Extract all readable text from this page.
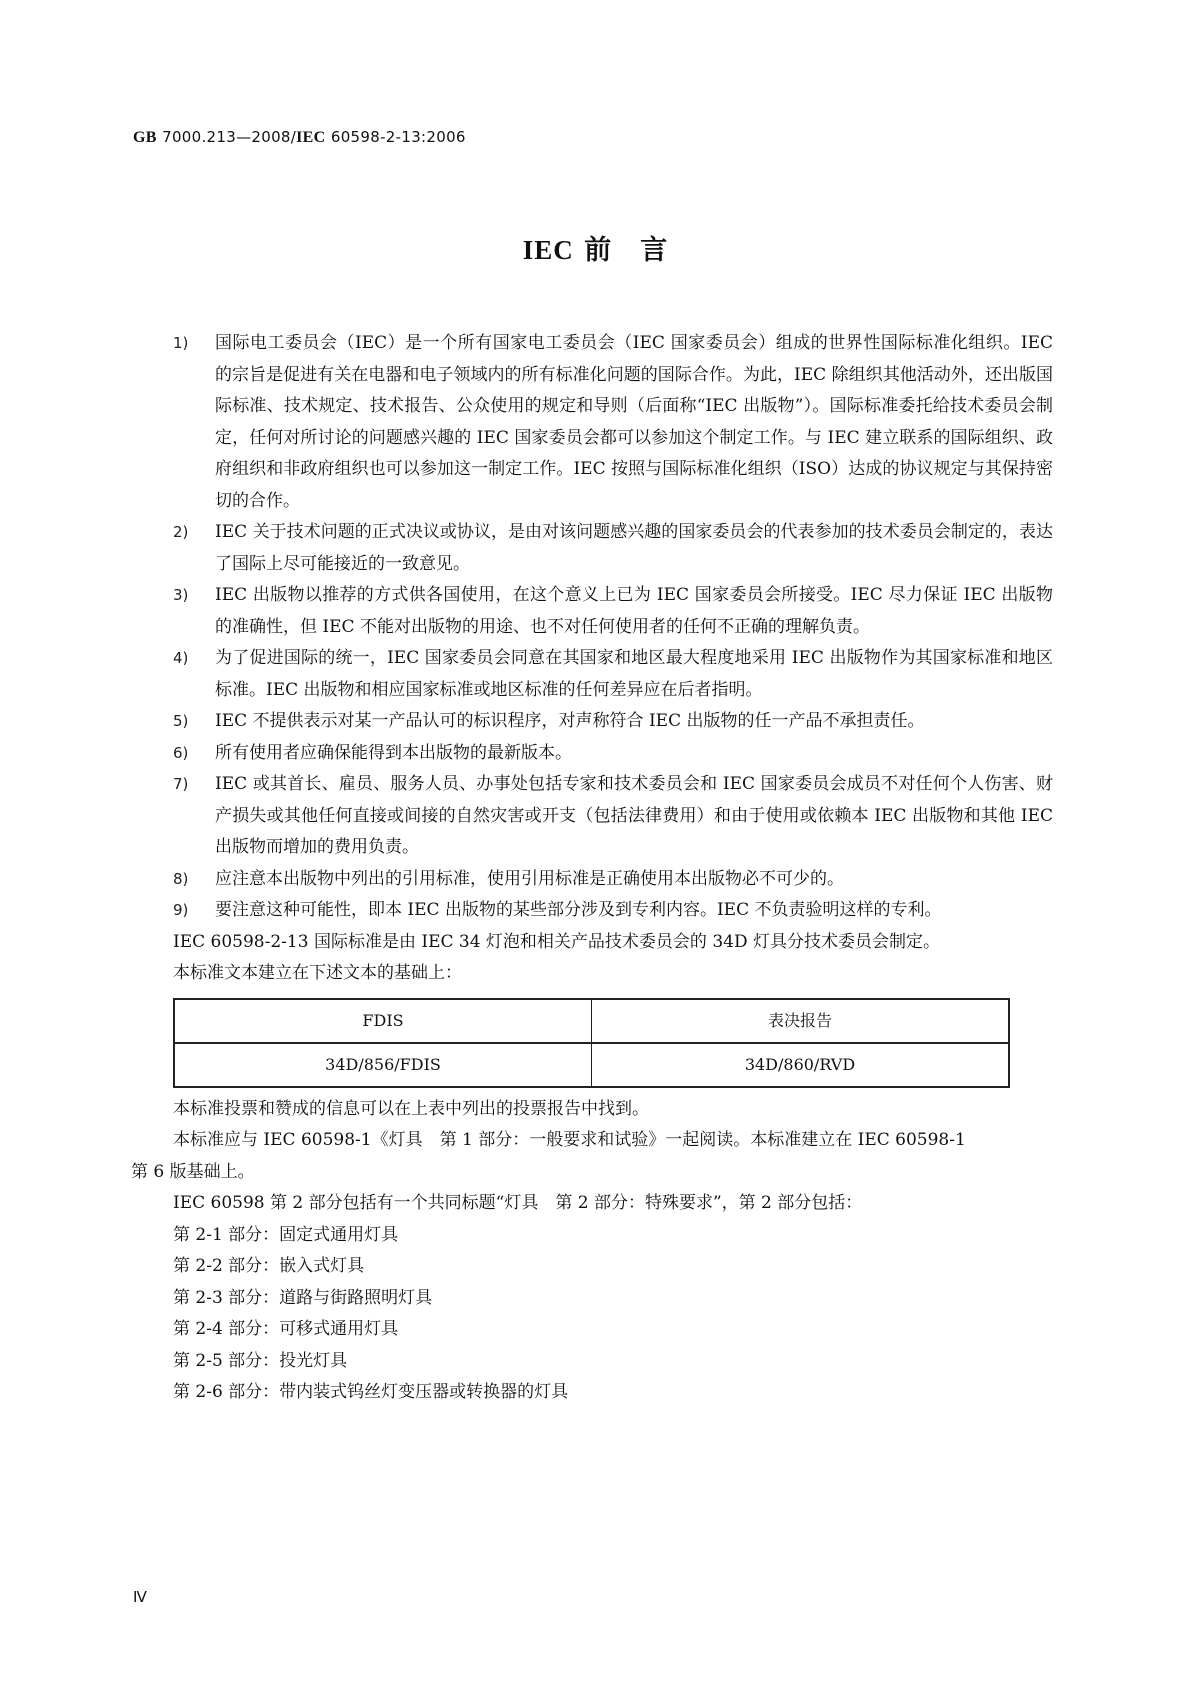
GB 7000.213—2008/IEC 60598-2-13:2006
IEC 前　言
1)	国际电工委员会（IEC）是一个所有国家电工委员会（IEC 国家委员会）组成的世界性国际标准化组织。IEC 的宗旨是促进有关在电器和电子领域内的所有标准化问题的国际合作。为此，IEC 除组织其他活动外，还出版国际标准、技术规定、技术报告、公众使用的规定和导则（后面称“IEC 出版物”）。国际标准委托给技术委员会制定，任何对所讨论的问题感兴趣的 IEC 国家委员会都可以参加这个制定工作。与 IEC 建立联系的国际组织、政府组织和非政府组织也可以参加这一制定工作。IEC 按照与国际标准化组织（ISO）达成的协议规定与其保持密切的合作。
2)	IEC 关于技术问题的正式决议或协议，是由对该问题感兴趣的国家委员会的代表参加的技术委员会制定的，表达了国际上尽可能接近的一致意见。
3)	IEC 出版物以推荐的方式供各国使用，在这个意义上已为 IEC 国家委员会所接受。IEC 尽力保证 IEC 出版物的准确性，但 IEC 不能对出版物的用途、也不对任何使用者的任何不正确的理解负责。
4)	为了促进国际的统一，IEC 国家委员会同意在其国家和地区最大程度地采用 IEC 出版物作为其国家标准和地区标准。IEC 出版物和相应国家标准或地区标准的任何差异应在后者指明。
5)	IEC 不提供表示对某一产品认可的标识程序，对声称符合 IEC 出版物的任一产品不承担责任。
6)	所有使用者应确保能得到本出版物的最新版本。
7)	IEC 或其首长、雇员、服务人员、办事处包括专家和技术委员会和 IEC 国家委员会成员不对任何个人伤害、财产损失或其他任何直接或间接的自然灾害或开支（包括法律费用）和由于使用或依赖本 IEC 出版物和其他 IEC 出版物而增加的费用负责。
8)	应注意本出版物中列出的引用标准，使用引用标准是正确使用本出版物必不可少的。
9)	要注意这种可能性，即本 IEC 出版物的某些部分涉及到专利内容。IEC 不负责验明这样的专利。
IEC 60598-2-13 国际标准是由 IEC 34 灯泡和相关产品技术委员会的 34D 灯具分技术委员会制定。
本标准文本建立在下述文本的基础上：
FDIS	表决报告
34D/856/FDIS	34D/860/RVD
本标准投票和赞成的信息可以在上表中列出的投票报告中找到。
本标准应与 IEC 60598-1《灯具　第 1 部分：一般要求和试验》一起阅读。本标准建立在 IEC 60598-1
第 6 版基础上。
IEC 60598 第 2 部分包括有一个共同标题“灯具　第 2 部分：特殊要求”，第 2 部分包括：
第 2-1 部分：固定式通用灯具
第 2-2 部分：嵌入式灯具
第 2-3 部分：道路与街路照明灯具
第 2-4 部分：可移式通用灯具
第 2-5 部分：投光灯具
第 2-6 部分：带内装式钨丝灯变压器或转换器的灯具
Ⅳ
